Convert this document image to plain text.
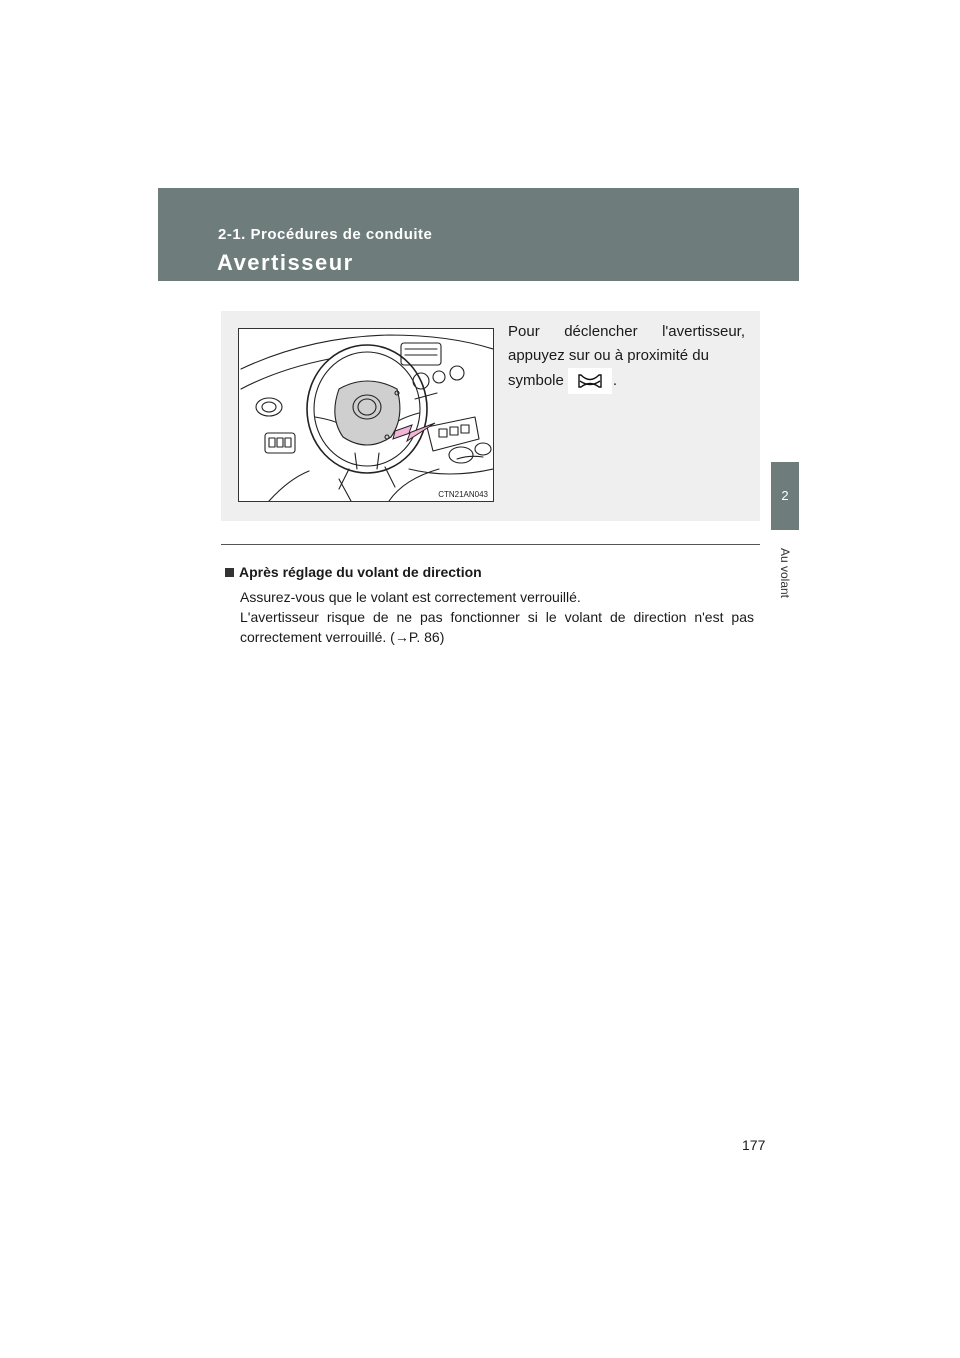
2-1. Procédures de conduite
Avertisseur
2
Au volant
CTN21AN043

Pour déclencher l'avertisseur, appuyez sur ou à proximité du

symbole	.

Après réglage du volant de direction

Assurez-vous que le volant est correctement verrouillé.

L'avertisseur risque de ne pas fonctionner si le volant de direction n'est pas correctement verrouillé. (→P. 86)

177
